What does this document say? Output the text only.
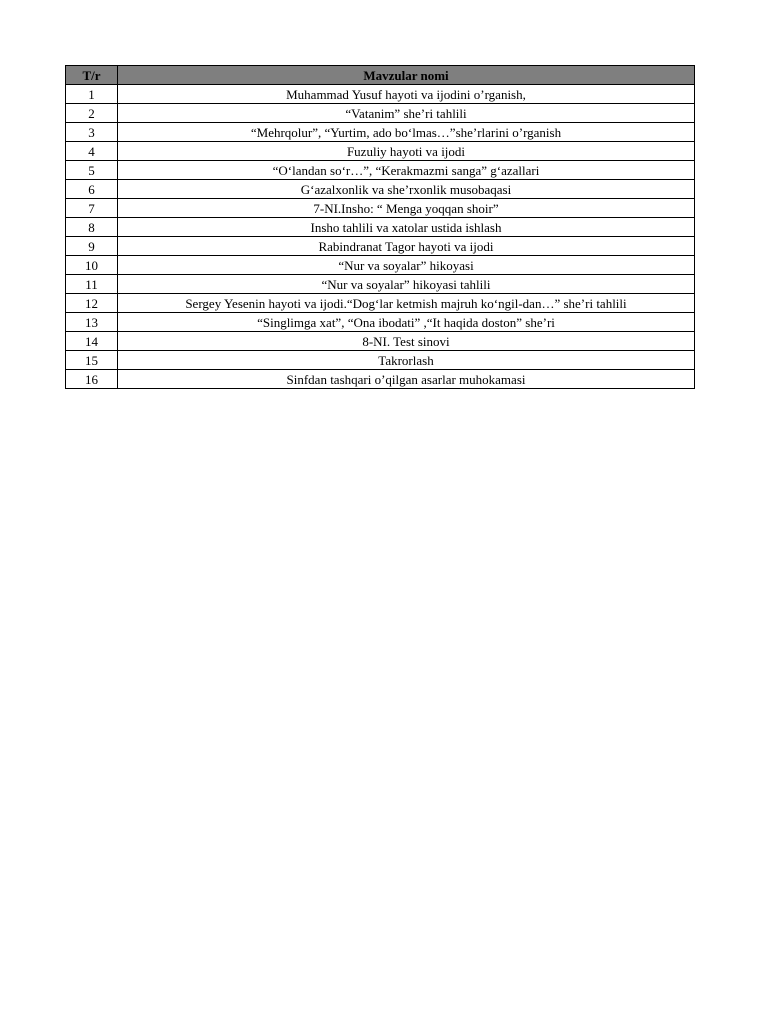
T/r	Mavzular nomi
1	Muhammad Yusuf hayoti va ijodini o’rganish,
2	“Vatanim” she’ri tahlili
3	“Mehrqolur”, “Yurtim, ado bo‘lmas…”she’rlarini o’rganish
4	Fuzuliy hayoti va ijodi
5	“O‘landan so‘r…”, “Kerakmazmi sanga” g‘azallari
6	G‘azalxonlik va she’rxonlik musobaqasi
7	7-NI.Insho: “ Menga yoqqan shoir”
8	Insho tahlili va xatolar ustida ishlash
9	Rabindranat Tagor hayoti va ijodi
10	“Nur va soyalar” hikoyasi
11	“Nur va soyalar” hikoyasi tahlili
12	Sergey Yesenin hayoti va ijodi.“Dog‘lar ketmish majruh ko‘ngil-dan…” she’ri tahlili
13	“Singlimga xat”, “Ona ibodati” ,“It haqida doston” she’ri
14	8-NI. Test sinovi
15	Takrorlash
16	Sinfdan tashqari o’qilgan asarlar muhokamasi
